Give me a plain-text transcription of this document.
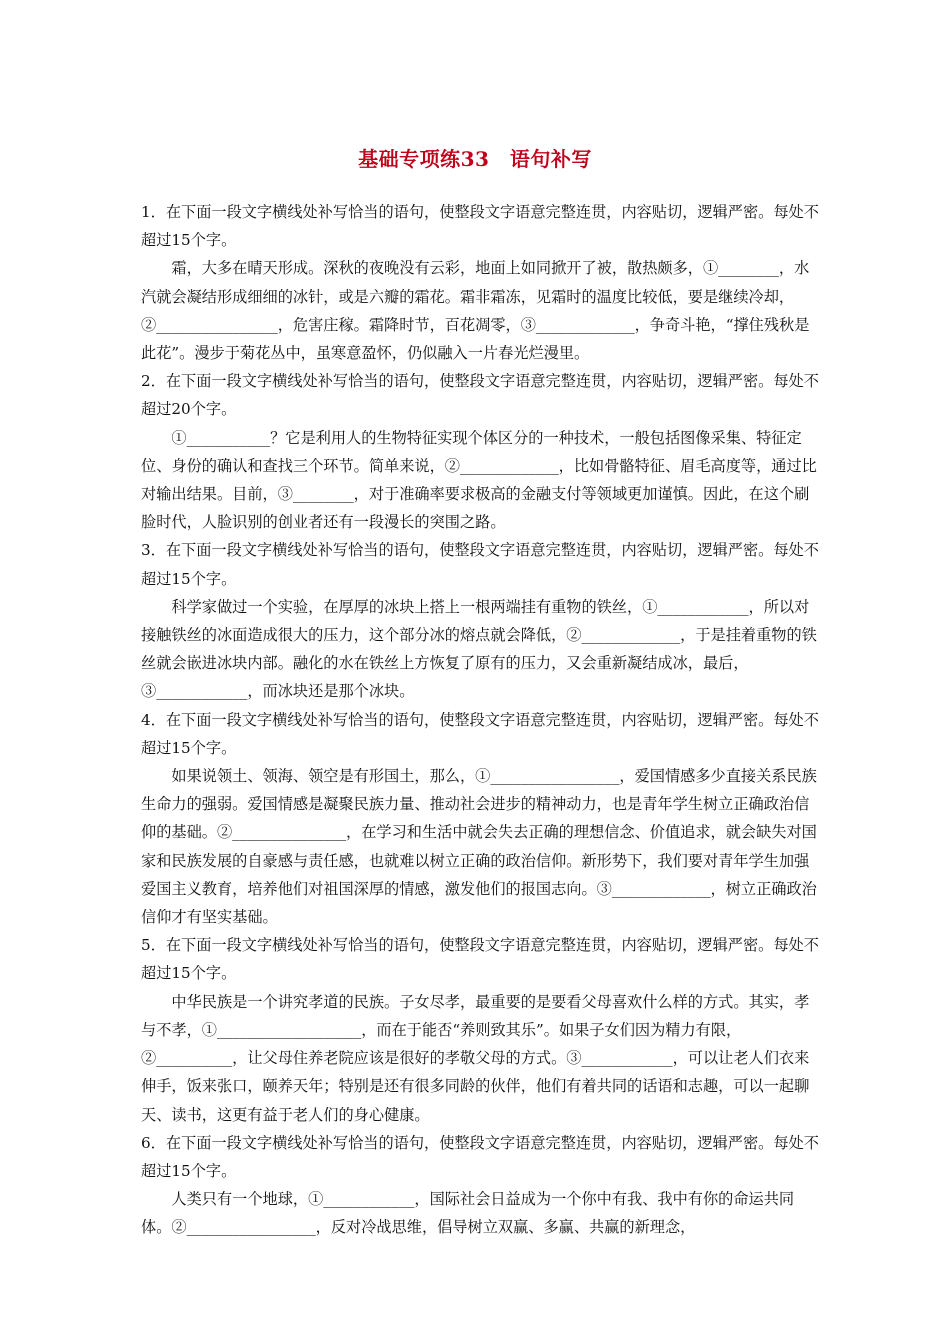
基础专项练33　语句补写

1．在下面一段文字横线处补写恰当的语句，使整段文字语意完整连贯，内容贴切，逻辑严密。每处不超过15个字。

霜，大多在晴天形成。深秋的夜晚没有云彩，地面上如同掀开了被，散热颇多，①________，水汽就会凝结形成细细的冰针，或是六瓣的霜花。霜非霜冻，见霜时的温度比较低，要是继续冷却，②________________，危害庄稼。霜降时节，百花凋零，③_____________，争奇斗艳，“撑住残秋是此花”。漫步于菊花丛中，虽寒意盈怀，仍似融入一片春光烂漫里。

2．在下面一段文字横线处补写恰当的语句，使整段文字语意完整连贯，内容贴切，逻辑严密。每处不超过20个字。

①___________？它是利用人的生物特征实现个体区分的一种技术，一般包括图像采集、特征定位、身份的确认和查找三个环节。简单来说，②_____________，比如骨骼特征、眉毛高度等，通过比对输出结果。目前，③________，对于准确率要求极高的金融支付等领域更加谨慎。因此，在这个刷脸时代，人脸识别的创业者还有一段漫长的突围之路。

3．在下面一段文字横线处补写恰当的语句，使整段文字语意完整连贯，内容贴切，逻辑严密。每处不超过15个字。

科学家做过一个实验，在厚厚的冰块上搭上一根两端挂有重物的铁丝，①____________，所以对接触铁丝的冰面造成很大的压力，这个部分冰的熔点就会降低，②_____________，于是挂着重物的铁丝就会嵌进冰块内部。融化的水在铁丝上方恢复了原有的压力，又会重新凝结成冰，最后，③____________，而冰块还是那个冰块。

4．在下面一段文字横线处补写恰当的语句，使整段文字语意完整连贯，内容贴切，逻辑严密。每处不超过15个字。

如果说领土、领海、领空是有形国土，那么，①_________________，爱国情感多少直接关系民族生命力的强弱。爱国情感是凝聚民族力量、推动社会进步的精神动力，也是青年学生树立正确政治信仰的基础。②_______________，在学习和生活中就会失去正确的理想信念、价值追求，就会缺失对国家和民族发展的自豪感与责任感，也就难以树立正确的政治信仰。新形势下，我们要对青年学生加强爱国主义教育，培养他们对祖国深厚的情感，激发他们的报国志向。③_____________，树立正确政治信仰才有坚实基础。

5．在下面一段文字横线处补写恰当的语句，使整段文字语意完整连贯，内容贴切，逻辑严密。每处不超过15个字。

中华民族是一个讲究孝道的民族。子女尽孝，最重要的是要看父母喜欢什么样的方式。其实，孝与不孝，①___________________，而在于能否“养则致其乐”。如果子女们因为精力有限，②__________，让父母住养老院应该是很好的孝敬父母的方式。③____________，可以让老人们衣来伸手，饭来张口，颐养天年；特别是还有很多同龄的伙伴，他们有着共同的话语和志趣，可以一起聊天、读书，这更有益于老人们的身心健康。

6．在下面一段文字横线处补写恰当的语句，使整段文字语意完整连贯，内容贴切，逻辑严密。每处不超过15个字。

人类只有一个地球，①____________，国际社会日益成为一个你中有我、我中有你的命运共同体。②_________________，反对冷战思维，倡导树立双赢、多赢、共赢的新理念，
